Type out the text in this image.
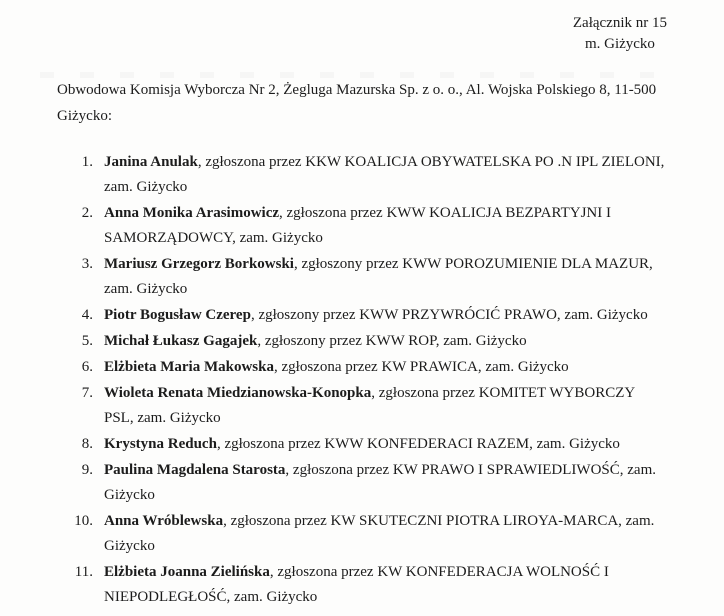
Załącznik nr 15
m. Giżycko
Obwodowa Komisja Wyborcza Nr 2, Żegluga Mazurska Sp. z o. o., Al. Wojska Polskiego 8, 11-500 Giżycko:
1. Janina Anulak, zgłoszona przez KKW KOALICJA OBYWATELSKA PO .N IPL ZIELONI, zam. Giżycko
2. Anna Monika Arasimowicz, zgłoszona przez KWW KOALICJA BEZPARTYJNI I SAMORZĄDOWCY, zam. Giżycko
3. Mariusz Grzegorz Borkowski, zgłoszony przez KWW POROZUMIENIE DLA MAZUR, zam. Giżycko
4. Piotr Bogusław Czerep, zgłoszony przez KWW PRZYWRÓCIĆ PRAWO, zam. Giżycko
5. Michał Łukasz Gagajek, zgłoszony przez KWW ROP, zam. Giżycko
6. Elżbieta Maria Makowska, zgłoszona przez KW PRAWICA, zam. Giżycko
7. Wioleta Renata Miedzianowska-Konopka, zgłoszona przez KOMITET WYBORCZY PSL, zam. Giżycko
8. Krystyna Reduch, zgłoszona przez KWW KONFEDERACI RAZEM, zam. Giżycko
9. Paulina Magdalena Starosta, zgłoszona przez KW PRAWO I SPRAWIEDLIWOŚĆ, zam. Giżycko
10. Anna Wróblewska, zgłoszona przez KW SKUTECZNI PIOTRA LIROYA-MARCA, zam. Giżycko
11. Elżbieta Joanna Zielińska, zgłoszona przez KW KONFEDERACJA WOLNOŚĆ I NIEPODLEGŁOŚĆ, zam. Giżycko
